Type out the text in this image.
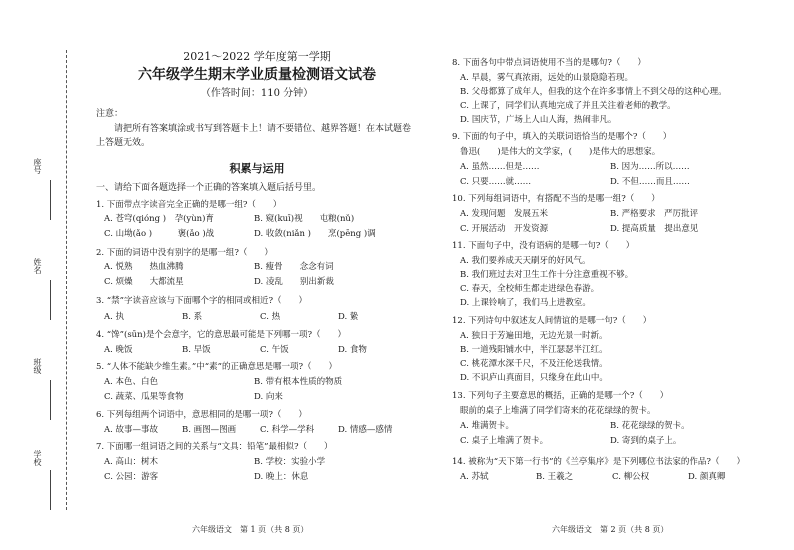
座号
姓名
班级
学校
2021～2022 学年度第一学期
六年级学生期末学业质量检测语文试卷
（作答时间：110 分钟）
注意：
请把所有答案填涂或书写到答题卡上！请不要错位、越界答题！在本试题卷上答题无效。
积累与运用
一、请给下面各题选择一个正确的答案填入题后括号里。
1. 下面带点字读音完全正确的是哪一组?（　　）
A. 苍穹(qióng )　孕(yùn)育	B. 窥(kuī)视　　屯粮(nǔ)
C. 山坳(ǎo )　　　褒(ǎo )战	D. 收敛(niǎn )　　烹(pēng )调
2. 下面的词语中没有别字的是哪一组?（　　）
A. 悦熟　　热血沸腾	B. 瘦骨　　念念有词
C. 烦燥　　大都流星	D. 凌乱　　别出新裁
3. “禁”字读音应该与下面哪个字的相同或相近?（　　）
A. 执	B. 系	C. 热	D. 絷
4. “馋”(sūn)是个会意字，它的意思最可能是下列哪一项?（　　）
A. 晚饭	B. 早饭	C. 午饭	D. 食物
5. “人体不能缺少维生素。”中“素”的正确意思是哪一项?（　　）
A. 本色、白色	B. 带有根本性质的物质
C. 蔬菜、瓜果等食物	D. 向来
6. 下列每组两个词语中，意思相同的是哪一项?（　　）
A. 故事—事故	B. 画图—图画	C. 科学—学科	D. 情感—感情
7. 下面哪一组词语之间的关系与“文具：铅笔”最相似?（　　）
A. 高山：树木	B. 学校：实验小学
C. 公园：游客	D. 晚上：休息
六年级语文　第 1 页（共 8 页）
8. 下面各句中带点词语使用不当的是哪句?（　　）
A. 早晨，雾气真浓雨，远处的山景隐隐若现。
B. 父母都算了成年人，但我的这个在许多事情上不到父母的这种心理。
C. 上课了，同学们认真地完成了并且关注着老师的教学。
D. 国庆节，广场上人山人海，热闹非凡。
9. 下面的句子中，填入的关联词语恰当的是哪个?（　　）
鲁迅(　　)是伟大的文学家，(　　)是伟大的思想家。
A. 虽然……但是……	B. 因为……所以……
C. 只要……就……	D. 不但……而且……
10. 下列每组词语中，有搭配不当的是哪一组?（　　）
A. 发现问题　发展五米	B. 严格要求　严厉批评
C. 开展活动　开发资源	D. 提高质量　提出意见
11. 下面句子中，没有语病的是哪一句?（　　）
A. 我们要养成天天刷牙的好风气。
B. 我们班过去对卫生工作十分注意重视不够。
C. 春天，全校师生都走进绿色春游。
D. 上课铃响了，我们马上进教室。
12. 下列诗句中叙述友人间情谊的是哪一句?（　　）
A. 独日于芳遍田地，无边光景一时新。
B. 一道残阳铺水中，半江瑟瑟半江红。
C. 桃花潭水深千尺，不及汪伦送我情。
D. 不识庐山真面目，只缘身在此山中。
13. 下列句子主要意思的概括，正确的是哪一个?（　　）
眼前的桌子上堆满了同学们寄来的花花绿绿的贺卡。
A. 堆满贺卡。	B. 花花绿绿的贺卡。
C. 桌子上堆满了贺卡。	D. 寄到的桌子上。
14. 被称为“天下第一行书”的《兰亭集序》是下列哪位书法家的作品?（　　）
A. 苏轼	B. 王羲之	C. 柳公权	D. 颜真卿
六年级语文　第 2 页（共 8 页）
